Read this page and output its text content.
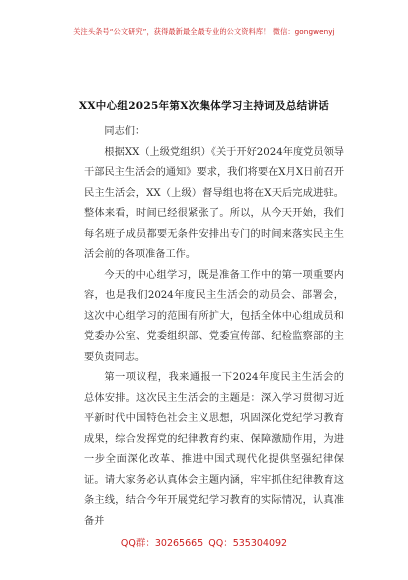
关注头条号“公文研究”，获得最新最全最专业的公文资料库！ 微信：gongwenyj
XX中心组2025年第X次集体学习主持词及总结讲话

同志们：

根据XX（上级党组织）《关于开好2024年度党员领导干部民主生活会的通知》要求，我们将要在X月X日前召开民主生活会，XX（上级）督导组也将在X天后完成进驻。整体来看，时间已经很紧张了。所以，从今天开始，我们每名班子成员都要无条件安排出专门的时间来落实民主生活会前的各项准备工作。

今天的中心组学习，既是准备工作中的第一项重要内容，也是我们2024年度民主生活会的动员会、部署会，这次中心组学习的范围有所扩大，包括全体中心组成员和党委办公室、党委组织部、党委宣传部、纪检监察部的主要负责同志。

第一项议程，我来通报一下2024年度民主生活会的总体安排。这次民主生活会的主题是：深入学习贯彻习近平新时代中国特色社会主义思想，巩固深化党纪学习教育成果，综合发挥党的纪律教育约束、保障激励作用，为进一步全面深化改革、推进中国式现代化提供坚强纪律保证。请大家务必认真体会主题内涵，牢牢抓住纪律教育这条主线，结合今年开展党纪学习教育的实际情况，认真准备并

QQ群：30265665 QQ：535304092
